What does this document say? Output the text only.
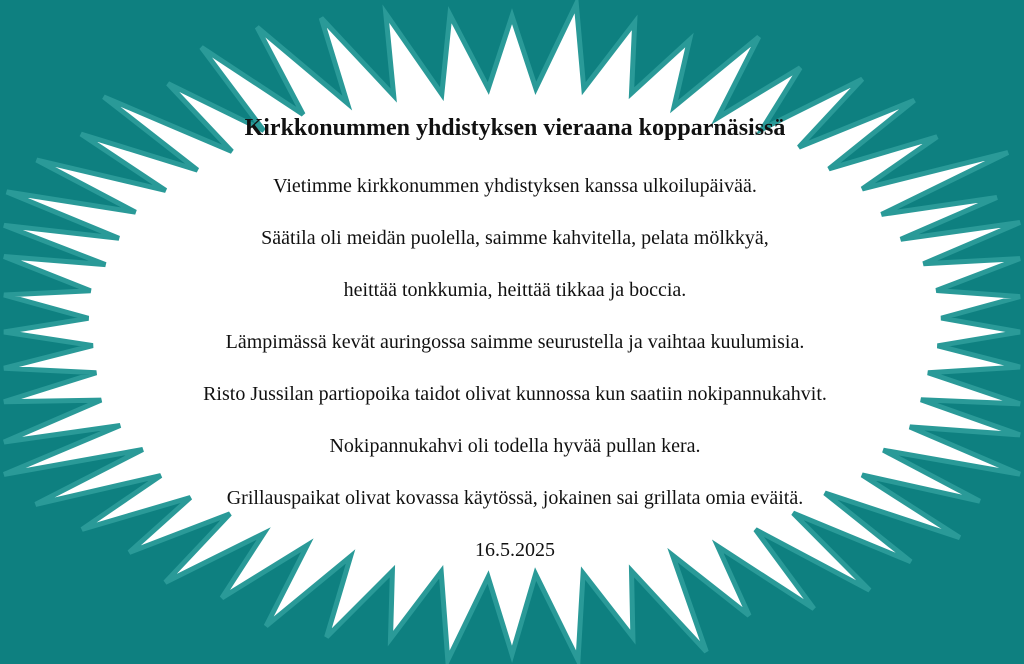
Kirkkonummen yhdistyksen vieraana kopparnäsissä

Vietimme kirkkonummen yhdistyksen kanssa ulkoilupäivää.

Säätila oli meidän puolella, saimme kahvitella, pelata mölkkyä,

heittää tonkkumia, heittää tikkaa ja boccia.

Lämpimässä kevät auringossa saimme seurustella ja vaihtaa kuulumisia.

Risto Jussilan partiopoika taidot olivat kunnossa kun saatiin nokipannukahvit.

Nokipannukahvi oli todella hyvää pullan kera.

Grillauspaikat olivat kovassa käytössä, jokainen sai grillata omia eväitä.

16.5.2025
